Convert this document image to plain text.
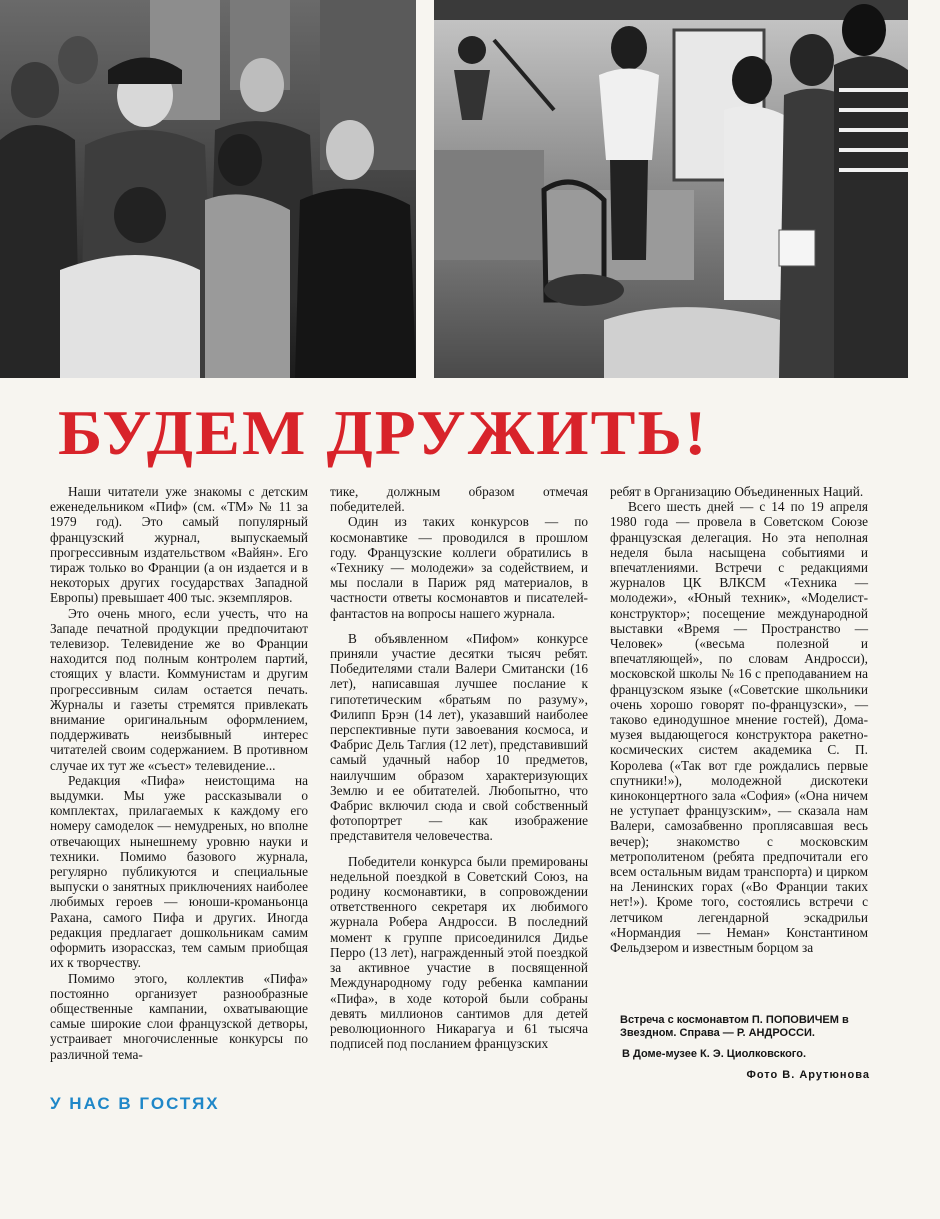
БУДЕМ ДРУЖИТЬ!

Наши читатели уже знакомы с детским еженедельником «Пиф» (см. «ТМ» № 11 за 1979 год). Это самый популярный французский журнал, выпускаемый прогрессивным издательством «Вайян». Его тираж только во Франции (а он издается и в некоторых других государствах Западной Европы) превышает 400 тыс. экземпляров.

Это очень много, если учесть, что на Западе печатной продукции предпочитают телевизор. Телевидение же во Франции находится под полным контролем партий, стоящих у власти. Коммунистам и другим прогрессивным силам остается печать. Журналы и газеты стремятся привлекать внимание оригинальным оформлением, поддерживать неизбывный интерес читателей своим содержанием. В противном случае их тут же «съест» телевидение...

Редакция «Пифа» неистощима на выдумки. Мы уже рассказывали о комплектах, прилагаемых к каждому его номеру самоделок — немудреных, но вполне отвечающих нынешнему уровню науки и техники. Помимо базового журнала, регулярно публикуются и специальные выпуски о занятных приключениях наиболее любимых героев — юноши-кроманьонца Рахана, самого Пифа и других. Иногда редакция предлагает дошкольникам самим оформить изорассказ, тем самым приобщая их к творчеству.

Помимо этого, коллектив «Пифа» постоянно организует разнообразные общественные кампании, охватывающие самые широкие слои французской детворы, устраивает многочисленные конкурсы по различной тема-

тике, должным образом отмечая победителей.

Один из таких конкурсов — по космонавтике — проводился в прошлом году. Французские коллеги обратились в «Технику — молодежи» за содействием, и мы послали в Париж ряд материалов, в частности ответы космонавтов и писателей-фантастов на вопросы нашего журнала.

В объявленном «Пифом» конкурсе приняли участие десятки тысяч ребят. Победителями стали Валери Смитански (16 лет), написавшая лучшее послание к гипотетическим «братьям по разуму», Филипп Брэн (14 лет), указавший наиболее перспективные пути завоевания космоса, и Фабрис Дель Таглия (12 лет), представивший самый удачный набор 10 предметов, наилучшим образом характеризующих Землю и ее обитателей. Любопытно, что Фабрис включил сюда и свой собственный фотопортрет — как изображение представителя человечества.

Победители конкурса были премированы недельной поездкой в Советский Союз, на родину космонавтики, в сопровождении ответственного секретаря их любимого журнала Робера Андросси. В последний момент к группе присоединился Дидье Перро (13 лет), награжденный этой поездкой за активное участие в посвященной Международному году ребенка кампании «Пифа», в ходе которой были собраны девять миллионов сантимов для детей революционного Никарагуа и 61 тысяча подписей под посланием французских

ребят в Организацию Объединенных Наций.

Всего шесть дней — с 14 по 19 апреля 1980 года — провела в Советском Союзе французская делегация. Но эта неполная неделя была насыщена событиями и впечатлениями. Встречи с редакциями журналов ЦК ВЛКСМ «Техника — молодежи», «Юный техник», «Моделист-конструктор»; посещение международной выставки «Время — Пространство — Человек» («весьма полезной и впечатляющей», по словам Андросси), московской школы № 16 с преподаванием на французском языке («Советские школьники очень хорошо говорят по-французски», — таково единодушное мнение гостей), Дома-музея выдающегося конструктора ракетно-космических систем академика С. П. Королева («Так вот где рождались первые спутники!»), молодежной дискотеки киноконцертного зала «София» («Она ничем не уступает французским», — сказала нам Валери, самозабвенно проплясавшая весь вечер); знакомство с московским метрополитеном (ребята предпочитали его всем остальным видам транспорта) и цирком на Ленинских горах («Во Франции таких нет!»). Кроме того, состоялись встречи с летчиком легендарной эскадрильи «Нормандия — Неман» Константином Фельдзером и известным борцом за

Встреча с космонавтом П. ПОПОВИЧЕМ в Звездном. Справа — Р. АНДРОССИ.
В Доме-музее К. Э. Циолковского.
Фото В. Арутюнова
У НАС В ГОСТЯХ
